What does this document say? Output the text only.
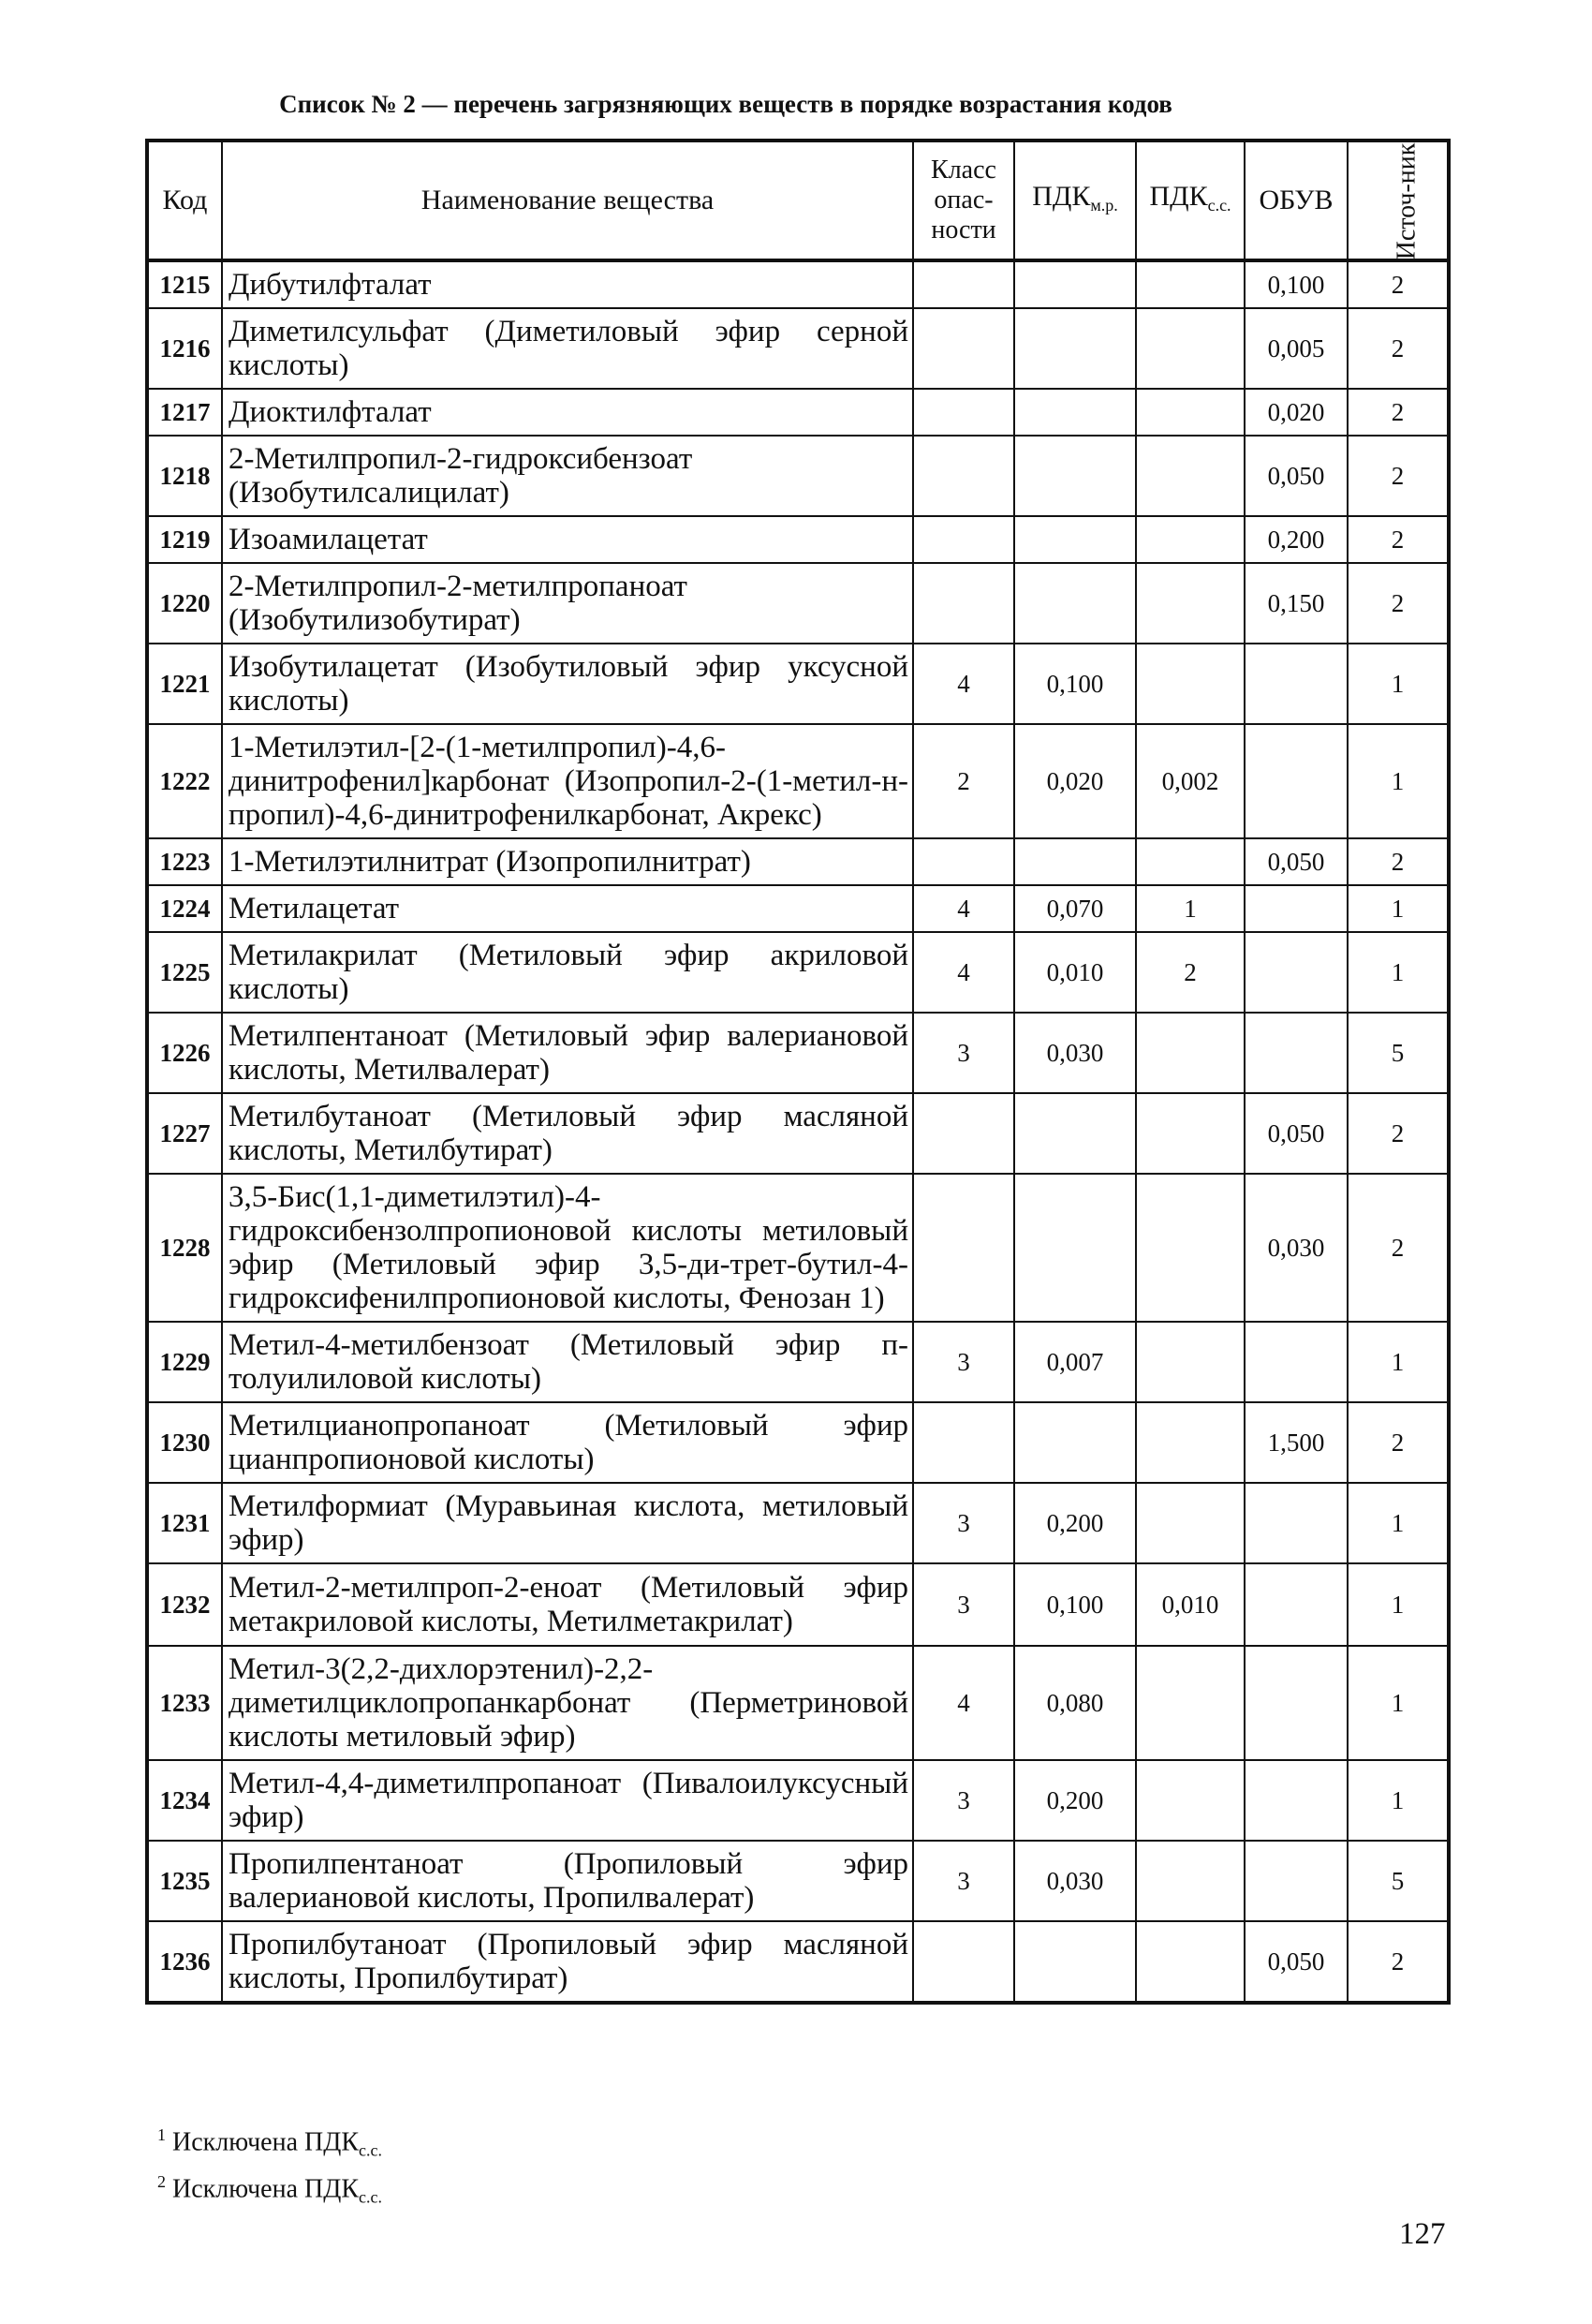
Список № 2 — перечень загрязняющих веществ в порядке возрастания кодов
Код	Наименование вещества	Класс опас-ности	$ПДК_{м.р.}$	$ПДК_{с.с.}$	ОБУВ	Источ-ник
1215	Дибутилфталат				0,100	2
1216	Диметилсульфат (Диметиловый эфир серной кислоты)				0,005	2
1217	Диоктилфталат				0,020	2
1218	2-Метилпропил-2-гидроксибензоат (Изобутилсалицилат)				0,050	2
1219	Изоамилацетат				0,200	2
1220	2-Метилпропил-2-метилпропаноат (Изобутилизобутират)				0,150	2
1221	Изобутилацетат (Изобутиловый эфир уксусной кислоты)	4	0,100			1
1222	1-Метилэтил-[2-(1-метилпропил)-4,6-динитрофенил]карбонат (Изопропил-2-(1-метил-н-пропил)-4,6-динитрофенилкарбонат, Акрекс)	2	0,020	0,002		1
1223	1-Метилэтилнитрат (Изопропилнитрат)				0,050	2
1224	Метилацетат	4	0,070	1		1
1225	Метилакрилат (Метиловый эфир акриловой кислоты)	4	0,010	2		1
1226	Метилпентаноат (Метиловый эфир валериановой кислоты, Метилвалерат)	3	0,030			5
1227	Метилбутаноат (Метиловый эфир масляной кислоты, Метилбутират)				0,050	2
1228	3,5-Бис(1,1-диметилэтил)-4-гидроксибензолпропионовой кислоты метиловый эфир (Метиловый эфир 3,5-ди-трет-бутил-4-гидроксифенилпропионовой кислоты, Фенозан 1)				0,030	2
1229	Метил-4-метилбензоат (Метиловый эфир п-толуилиловой кислоты)	3	0,007			1
1230	Метилцианопропаноат (Метиловый эфир цианпропионовой кислоты)				1,500	2
1231	Метилформиат (Муравьиная кислота, метиловый эфир)	3	0,200			1
1232	Метил-2-метилпроп-2-еноат (Метиловый эфир метакриловой кислоты, Метилметакрилат)	3	0,100	0,010		1
1233	Метил-3(2,2-дихлорэтенил)-2,2-диметилциклопропанкарбонат (Перметриновой кислоты метиловый эфир)	4	0,080			1
1234	Метил-4,4-диметилпропаноат (Пивалоилуксусный эфир)	3	0,200			1
1235	Пропилпентаноат (Пропиловый эфир валериановой кислоты, Пропилвалерат)	3	0,030			5
1236	Пропилбутаноат (Пропиловый эфир масляной кислоты, Пропилбутират)				0,050	2
$^1$ Исключена $ПДК_{с.с.}$
$^2$ Исключена $ПДК_{с.с.}$
127
